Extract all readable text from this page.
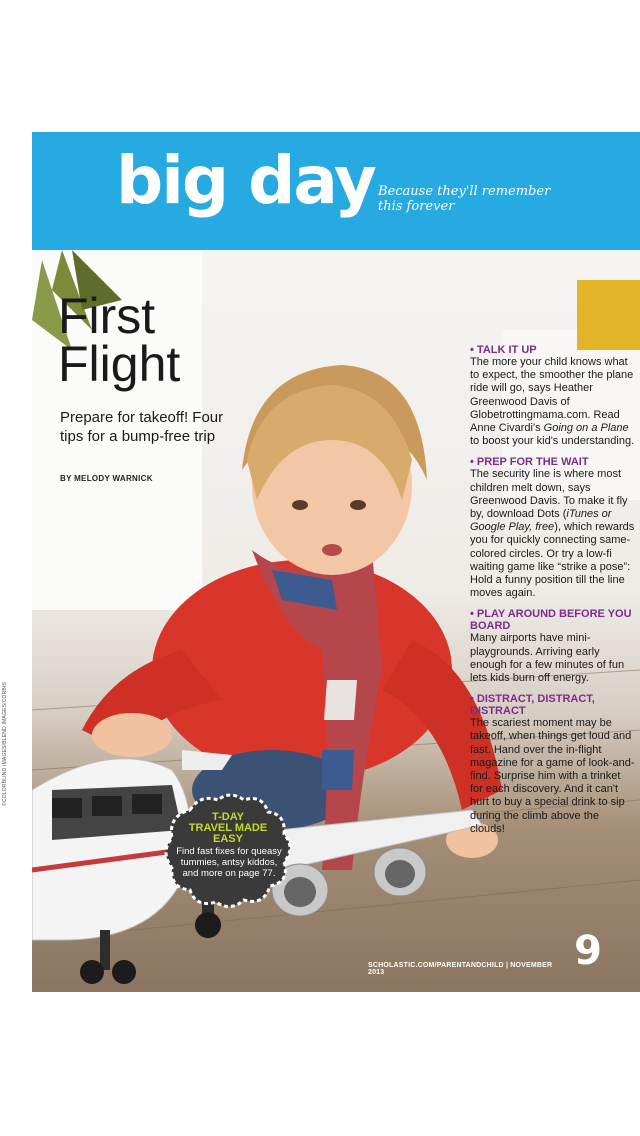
big day Because they'll remember this forever
First
Flight
Prepare for takeoff! Four tips for a bump-free trip
BY MELODY WARNICK
• TALK IT UP
The more your child knows what to expect, the smoother the plane ride will go, says Heather Greenwood Davis of Globetrottingmama.com. Read Anne Civardi's Going on a Plane to boost your kid's understanding.
• PREP FOR THE WAIT
The security line is where most children melt down, says Greenwood Davis. To make it fly by, download Dots (iTunes or Google Play, free), which rewards you for quickly connecting same-colored circles. Or try a low-fi waiting game like “strike a pose”: Hold a funny position till the line moves again.
• PLAY AROUND BEFORE YOU BOARD
Many airports have mini-playgrounds. Arriving early enough for a few minutes of fun lets kids burn off energy.
• DISTRACT, DISTRACT, DISTRACT
The scariest moment may be takeoff, when things get loud and fast. Hand over the in-flight magazine for a game of look-and-find. Surprise him with a trinket for each discovery. And it can't hurt to buy a special drink to sip during the climb above the clouds!
T-DAY
TRAVEL MADE
EASY
Find fast fixes for queasy tummies, antsy kiddos, and more on page 77.
SCHOLASTIC.COM/PARENTANDCHILD | NOVEMBER 2013	9
©COLORBLIND IMAGES/BLEND IMAGES/CORBIS
